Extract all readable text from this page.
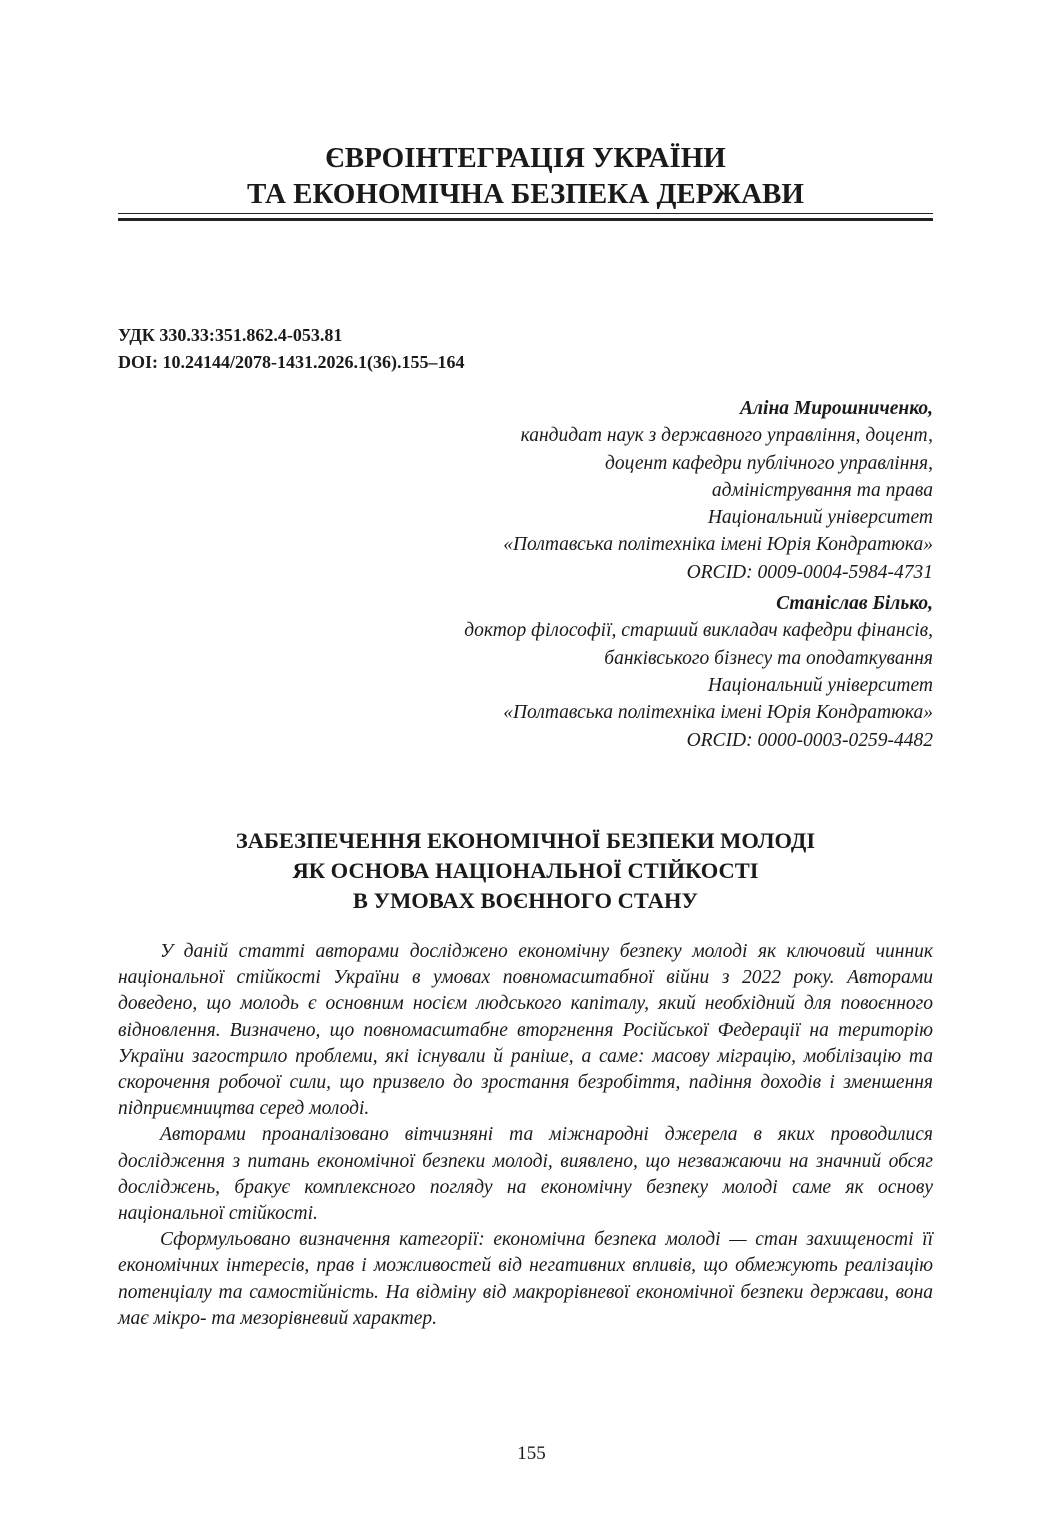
ЄВРОІНТЕГРАЦІЯ УКРАЇНИ
ТА ЕКОНОМІЧНА БЕЗПЕКА ДЕРЖАВИ
УДК 330.33:351.862.4-053.81
DOI: 10.24144/2078-1431.2026.1(36).155–164
Аліна Мирошниченко,
кандидат наук з державного управління, доцент,
доцент кафедри публічного управління,
адміністрування та права
Національний університет
«Полтавська політехніка імені Юрія Кондратюка»
ORCID: 0009-0004-5984-4731
Станіслав Білько,
доктор філософії, старший викладач кафедри фінансів,
банківського бізнесу та оподаткування
Національний університет
«Полтавська політехніка імені Юрія Кондратюка»
ORCID: 0000-0003-0259-4482
ЗАБЕЗПЕЧЕННЯ ЕКОНОМІЧНОЇ БЕЗПЕКИ МОЛОДІ
ЯК ОСНОВА НАЦІОНАЛЬНОЇ СТІЙКОСТІ
В УМОВАХ ВОЄННОГО СТАНУ

У даній статті авторами досліджено економічну безпеку молоді як ключовий чинник національної стійкості України в умовах повномасштабної війни з 2022 року. Авторами доведено, що молодь є основним носієм людського капіталу, який необхідний для повоєнного відновлення. Визначено, що повномасштабне вторгнення Російської Федерації на територію України загострило проблеми, які існували й раніше, а саме: масову міграцію, мобілізацію та скорочення робочої сили, що призвело до зростання безробіття, падіння доходів і зменшення підприємництва серед молоді.

Авторами проаналізовано вітчизняні та міжнародні джерела в яких проводилися дослідження з питань економічної безпеки молоді, виявлено, що незважаючи на значний обсяг досліджень, бракує комплексного погляду на економічну безпеку молоді саме як основу національної стійкості.

Сформульовано визначення категорії: економічна безпека молоді — стан захищеності її економічних інтересів, прав і можливостей від негативних впливів, що обмежують реалізацію потенціалу та самостійність. На відміну від макрорівневої економічної безпеки держави, вона має мікро- та мезорівневий характер.

155
